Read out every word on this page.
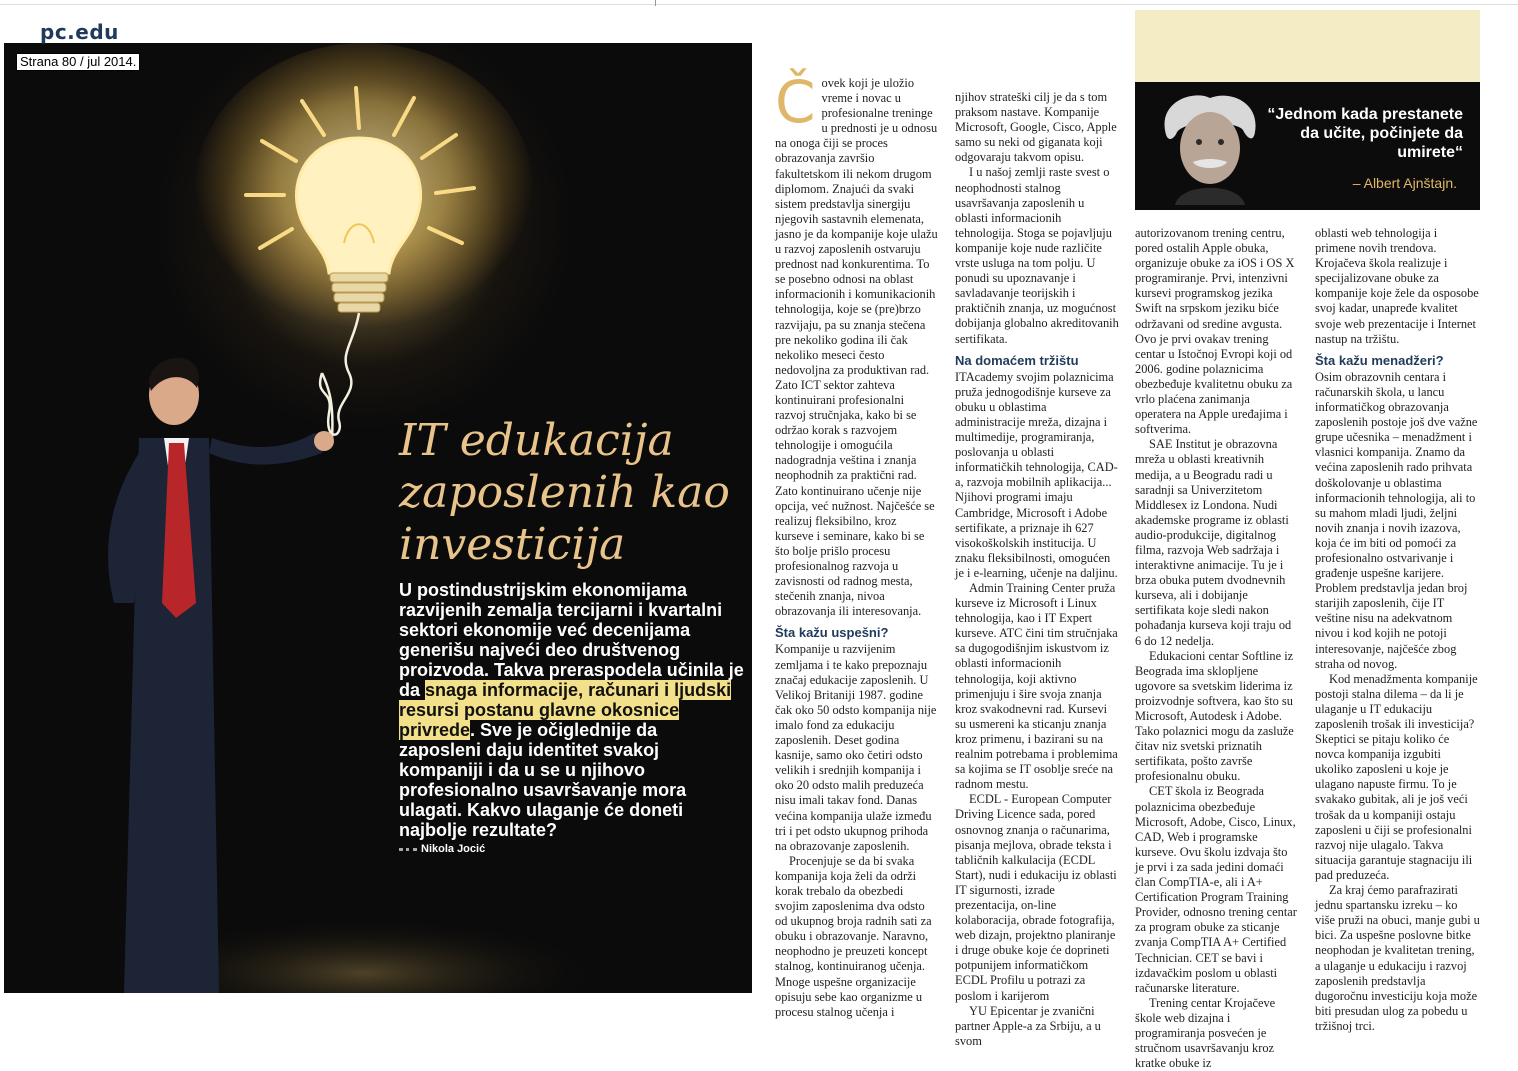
pc.edu
Strana 80 / jul 2014.
IT edukacija zaposlenih kao investicija
U postindustrijskim ekonomijama razvijenih zemalja tercijarni i kvartalni sektori ekonomije već decenijama generišu najveći deo društvenog proizvoda. Takva preraspodela učinila je da snaga informacije, računari i ljudski resursi postanu glavne okosnice privrede. Sve je očiglednije da zaposleni daju identitet svakoj kompaniji i da u se u njihovo profesionalno usavršavanje mora ulagati. Kakvo ulaganje će doneti najbolje rezultate?
Nikola Jocić
Č ovek koji je uložio vreme i novac u profesionalne treninge u prednosti je u odnosu na onoga čiji se proces obrazovanja završio fakultetskom ili nekom drugom diplomom. Znajući da svaki sistem predstavlja sinergiju njegovih sastavnih elemenata, jasno je da kompanije koje ulažu u razvoj zaposlenih ostvaruju prednost nad konkurentima. To se posebno odnosi na oblast informacionih i komunikacionih tehnologija, koje se (pre)brzo razvijaju, pa su znanja stečena pre nekoliko godina ili čak nekoliko meseci često nedovoljna za produktivan rad. Zato ICT sektor zahteva kontinuirani profesionalni razvoj stručnjaka, kako bi se održao korak s razvojem tehnologije i omogućila nadogradnja veština i znanja neophodnih za praktični rad. Zato kontinuirano učenje nije opcija, već nužnost. Najčešće se realizuj fleksibilno, kroz kurseve i seminare, kako bi se što bolje prišlo procesu profesionalnog razvoja u zavisnosti od radnog mesta, stečenih znanja, nivoa obrazovanja ili interesovanja.

Šta kažu uspešni?

Kompanije u razvijenim zemljama i te kako prepoznaju značaj edukacije zaposlenih. U Velikoj Britaniji 1987. godine čak oko 50 odsto kompanija nije imalo fond za edukaciju zaposlenih. Deset godina kasnije, samo oko četiri odsto velikih i srednjih kompanija i oko 20 odsto malih preduzeća nisu imali takav fond. Danas većina kompanija ulaže između tri i pet odsto ukupnog prihoda na obrazovanje zaposlenih.

Procenjuje se da bi svaka kompanija koja želi da održi korak trebalo da obezbedi svojim zaposlenima dva odsto od ukupnog broja radnih sati za obuku i obrazovanje. Naravno, neophodno je preuzeti koncept stalnog, kontinuiranog učenja. Mnoge uspešne organizacije opisuju sebe kao organizme u procesu stalnog učenja i

njihov strateški cilj je da s tom praksom nastave. Kompanije Microsoft, Google, Cisco, Apple samo su neki od giganata koji odgovaraju takvom opisu.

I u našoj zemlji raste svest o neophodnosti stalnog usavršavanja zaposlenih u oblasti informacionih tehnologija. Stoga se pojavljuju kompanije koje nude različite vrste usluga na tom polju. U ponudi su upoznavanje i savladavanje teorijskih i praktičnih znanja, uz mogućnost dobijanja globalno akreditovanih sertifikata.

Na domaćem tržištu

ITAcademy svojim polaznicima pruža jednogodišnje kurseve za obuku u oblastima administracije mreža, dizajna i multimedije, programiranja, poslovanja u oblasti informatičkih tehnologija, CAD-a, razvoja mobilnih aplikacija... Njihovi programi imaju Cambridge, Microsoft i Adobe sertifikate, a priznaje ih 627 visokoškolskih institucija. U znaku fleksibilnosti, omogućen je i e-learning, učenje na daljinu.

Admin Training Center pruža kurseve iz Microsoft i Linux tehnologija, kao i IT Expert kurseve. ATC čini tim stručnjaka sa dugogodišnjim iskustvom iz oblasti informacionih tehnologija, koji aktivno primenjuju i šire svoja znanja kroz svakodnevni rad. Kursevi su usmereni ka sticanju znanja kroz primenu, i bazirani su na realnim potrebama i problemima sa kojima se IT osoblje sreće na radnom mestu.

ECDL - European Computer Driving Licence sada, pored osnovnog znanja o računarima, pisanja mejlova, obrade teksta i tabličnih kalkulacija (ECDL Start), nudi i edukaciju iz oblasti IT sigurnosti, izrade prezentacija, on-line kolaboracija, obrade fotografija, web dizajn, projektno planiranje i druge obuke koje će doprineti potpunijem informatičkom ECDL Profilu u potrazi za poslom i karijerom

YU Epicentar je zvanični partner Apple-a za Srbiju, a u svom

“Jednom kada prestanete da učite, počinjete da umirete“
– Albert Ajnštajn.

autorizovanom trening centru, pored ostalih Apple obuka, organizuje obuke za iOS i OS X programiranje. Prvi, intenzivni kursevi programskog jezika Swift na srpskom jeziku biće održavani od sredine avgusta. Ovo je prvi ovakav trening centar u Istočnoj Evropi koji od 2006. godine polaznicima obezbeđuje kvalitetnu obuku za vrlo plaćena zanimanja operatera na Apple uređajima i softverima.

SAE Institut je obrazovna mreža u oblasti kreativnih medija, a u Beogradu radi u saradnji sa Univerzitetom Middlesex iz Londona. Nudi akademske programe iz oblasti audio-produkcije, digitalnog filma, razvoja Web sadržaja i interaktivne animacije. Tu je i brza obuka putem dvodnevnih kurseva, ali i dobijanje sertifikata koje sledi nakon pohađanja kurseva koji traju od 6 do 12 nedelja.

Edukacioni centar Softline iz Beograda ima sklopljene ugovore sa svetskim liderima iz proizvodnje softvera, kao što su Microsoft, Autodesk i Adobe. Tako polaznici mogu da zasluže čitav niz svetski priznatih sertifikata, pošto završe profesionalnu obuku.

CET škola iz Beograda polaznicima obezbeđuje Microsoft, Adobe, Cisco, Linux, CAD, Web i programske kurseve. Ovu školu izdvaja što je prvi i za sada jedini domaći član CompTIA-e, ali i A+ Certification Program Training Provider, odnosno trening centar za program obuke za sticanje zvanja CompTIA A+ Certified Technician. CET se bavi i izdavačkim poslom u oblasti računarske literature.

Trening centar Krojačeve škole web dizajna i programiranja posvećen je stručnom usavršavanju kroz kratke obuke iz

oblasti web tehnologija i primene novih trendova. Krojačeva škola realizuje i specijalizovane obuke za kompanije koje žele da osposobe svoj kadar, unapređe kvalitet svoje web prezentacije i Internet nastup na tržištu.

Šta kažu menadžeri?

Osim obrazovnih centara i računarskih škola, u lancu informatičkog obrazovanja zaposlenih postoje još dve važne grupe učesnika – menadžment i vlasnici kompanija. Znamo da većina zaposlenih rado prihvata doškolovanje u oblastima informacionih tehnologija, ali to su mahom mladi ljudi, željni novih znanja i novih izazova, koja će im biti od pomoći za profesionalno ostvarivanje i građenje uspešne karijere. Problem predstavlja jedan broj starijih zaposlenih, čije IT veštine nisu na adekvatnom nivou i kod kojih ne potoji interesovanje, najčešće zbog straha od novog.

Kod menadžmenta kompanije postoji stalna dilema – da li je ulaganje u IT edukaciju zaposlenih trošak ili investicija? Skeptici se pitaju koliko će novca kompanija izgubiti ukoliko zaposleni u koje je ulagano napuste firmu. To je svakako gubitak, ali je još veći trošak da u kompaniji ostaju zaposleni u čiji se profesionalni razvoj nije ulagalo. Takva situacija garantuje stagnaciju ili pad preduzeća.

Za kraj ćemo parafrazirati jednu spartansku izreku – ko više pruži na obuci, manje gubi u bici. Za uspešne poslovne bitke neophodan je kvalitetan trening, a ulaganje u edukaciju i razvoj zaposlenih predstavlja dugoročnu investiciju koja može biti presudan ulog za pobedu u tržišnoj trci.
